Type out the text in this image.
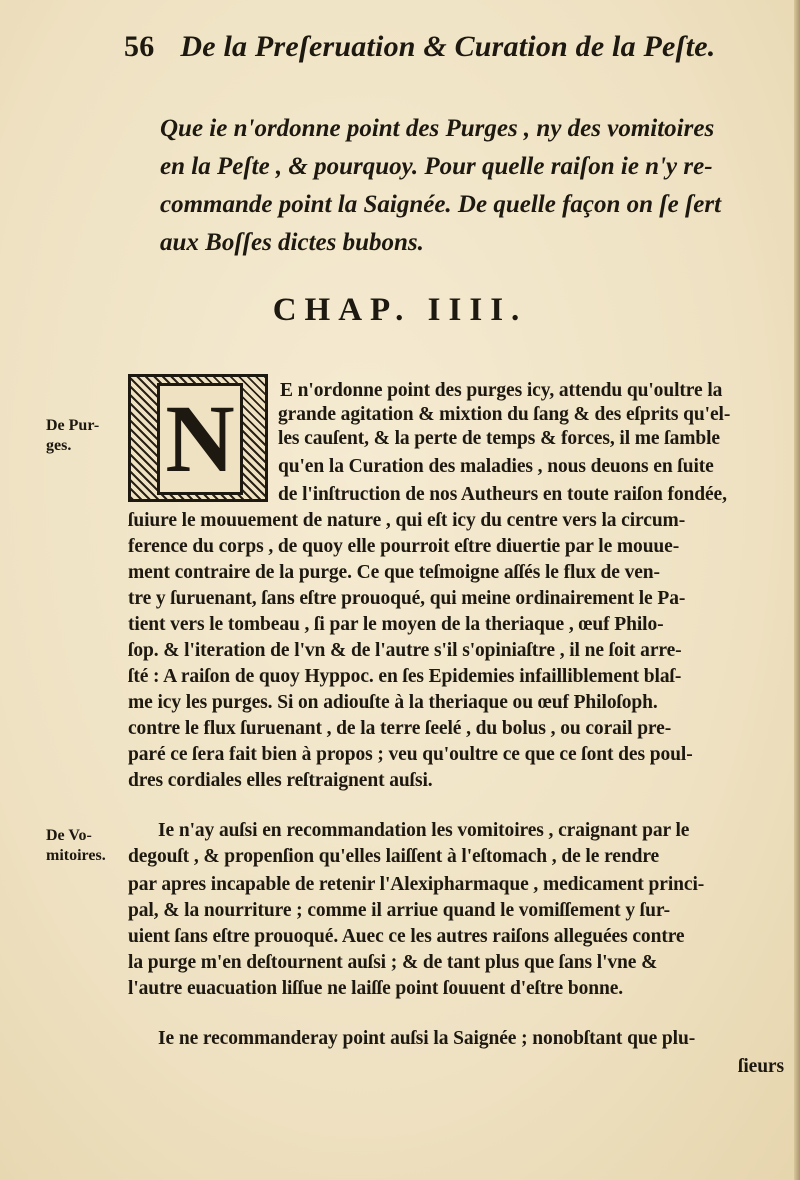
56 De la Preſeruation & Curation de la Peſte.
Que ie n'ordonne point des Purges , ny des vomitoires
en la Peſte , & pourquoy. Pour quelle raiſon ie n'y re-
commande point la Saignée. De quelle façon on ſe ſert
aux Boſſes dictes bubons.
CHAP. IIII.
N
De Pur-
ges.
De Vo-
mitoires.
E n'ordonne point des purges icy, attendu qu'oultre la
grande agitation & mixtion du ſang & des eſprits qu'el-
les cauſent, & la perte de temps & forces, il me ſamble
qu'en la Curation des maladies , nous deuons en ſuite
de l'inſtruction de nos Autheurs en toute raiſon fondée,
ſuiure le mouuement de nature , qui eſt icy du centre vers la circum-
ference du corps , de quoy elle pourroit eſtre diuertie par le mouue-
ment contraire de la purge. Ce que teſmoigne aſſés le flux de ven-
tre y ſuruenant, ſans eſtre prouoqué, qui meine ordinairement le Pa-
tient vers le tombeau , ſi par le moyen de la theriaque , œuf Philo-
ſop. & l'iteration de l'vn & de l'autre s'il s'opiniaſtre , il ne ſoit arre-
ſté : A raiſon de quoy Hyppoc. en ſes Epidemies infailliblement blaſ-
me icy les purges. Si on adiouſte à la theriaque ou œuf Philoſoph.
contre le flux ſuruenant , de la terre ſeelé , du bolus , ou corail pre-
paré ce ſera fait bien à propos ; veu qu'oultre ce que ce ſont des poul-
dres cordiales elles reſtraignent auſsi.
Ie n'ay auſsi en recommandation les vomitoires , craignant par le
degouſt , & propenſion qu'elles laiſſent à l'eſtomach , de le rendre
par apres incapable de retenir l'Alexipharmaque , medicament princi-
pal, & la nourriture ; comme il arriue quand le vomiſſement y ſur-
uient ſans eſtre prouoqué. Auec ce les autres raiſons alleguées contre
la purge m'en deſtournent auſsi ; & de tant plus que ſans l'vne &
l'autre euacuation liſſue ne laiſſe point ſouuent d'eſtre bonne.
Ie ne recommanderay point auſsi la Saignée ; nonobſtant que plu-
ſieurs
